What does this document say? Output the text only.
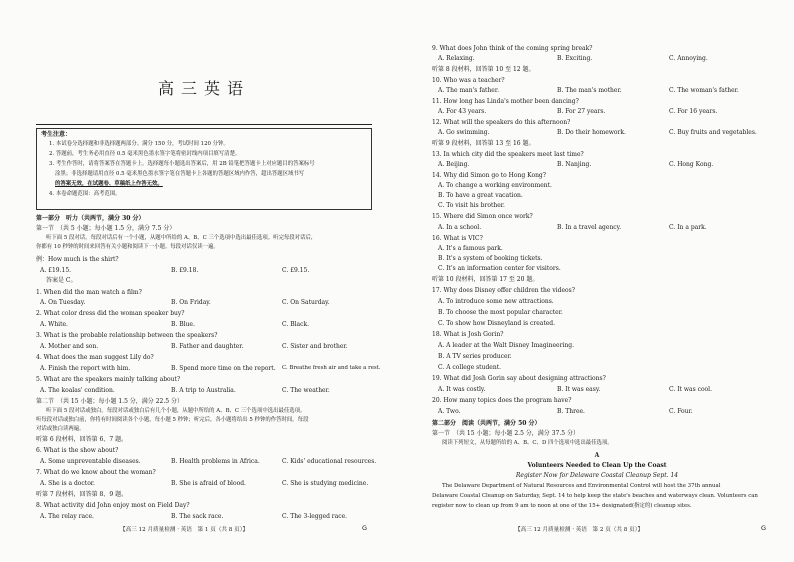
高三英语
考生注意：
1. 本试卷分选择题和非选择题两部分。满分 150 分，考试时间 120 分钟。
2. 答题前，考生务必用直径 0.5 毫米黑色墨水签字笔将密封线内项目填写清楚。
3. 考生作答时，请将答案答在答题卡上。选择题每小题选出答案后，用 2B 铅笔把答题卡上对应题目的答案标号
涂黑；非选择题请用直径 0.5 毫米黑色墨水签字笔在答题卡上各题的答题区域内作答，超出答题区域书写
的答案无效，在试题卷、草稿纸上作答无效。
4. 本卷命题范围：高考范围。
第一部分　听力（共两节，满分 30 分）
第一节　（共 5 小题；每小题 1.5 分，满分 7.5 分）
听下面 5 段对话。每段对话后有一个小题，从题中所给的 A、B、C 三个选项中选出最佳选项。听完每段对话后，
你都有 10 秒钟的时间来回答有关小题和阅读下一小题。每段对话仅读一遍。
例：How much is the shirt?
A. £19.15.	B. £9.18.	C. £9.15.
答案是 C。
1. When did the man watch a film?
A. On Tuesday.	B. On Friday.	C. On Saturday.
2. What color dress did the woman speaker buy?
A. White.	B. Blue.	C. Black.
3. What is the probable relationship between the speakers?
A. Mother and son.	B. Father and daughter.	C. Sister and brother.
4. What does the man suggest Lily do?
A. Finish the report with him.	B. Spend more time on the report. C. Breathe fresh air and take a rest.
5. What are the speakers mainly talking about?
A. The koalas' condition.	B. A trip to Australia.	C. The weather.
第二节　（共 15 小题；每小题 1.5 分，满分 22.5 分）
听下面 5 段对话或独白。每段对话或独白后有几个小题，从题中所给的 A、B、C 三个选项中选出最佳选项。
听每段对话或独白前，你将有时间阅读各个小题，每小题 5 秒钟；听完后，各小题将给出 5 秒钟的作答时间。每段
对话或独白读两遍。
听第 6 段材料，回答第 6、7 题。
6. What is the show about?
A. Some unpreventable diseases.	B. Health problems in Africa.	C. Kids' educational resources.
7. What do we know about the woman?
A. She is a doctor.	B. She is afraid of blood.	C. She is studying medicine.
听第 7 段材料，回答第 8、9 题。
8. What activity did John enjoy most on Field Day?
A. The relay race.	B. The sack race.	C. The 3-legged race.
【高三 12 月质量检测 · 英语　第 1 页（共 8 页）】	G
9. What does John think of the coming spring break?
A. Relaxing.	B. Exciting.	C. Annoying.
听第 8 段材料，回答第 10 至 12 题。
10. Who was a teacher?
A. The man's father.	B. The man's mother.	C. The woman's father.
11. How long has Linda's mother been dancing?
A. For 43 years.	B. For 27 years.	C. For 16 years.
12. What will the speakers do this afternoon?
A. Go swimming.	B. Do their homework.	C. Buy fruits and vegetables.
听第 9 段材料，回答第 13 至 16 题。
13. In which city did the speakers meet last time?
A. Beijing.	B. Nanjing.	C. Hong Kong.
14. Why did Simon go to Hong Kong?
A. To change a working environment.
B. To have a great vacation.
C. To visit his brother.
15. Where did Simon once work?
A. In a school.	B. In a travel agency.	C. In a park.
16. What is VIC?
A. It's a famous park.
B. It's a system of booking tickets.
C. It's an information center for visitors.
听第 10 段材料，回答第 17 至 20 题。
17. Why does Disney offer children the videos?
A. To introduce some new attractions.
B. To choose the most popular character.
C. To show how Disneyland is created.
18. What is Josh Gorin?
A. A leader at the Walt Disney Imagineering.
B. A TV series producer.
C. A college student.
19. What did Josh Gorin say about designing attractions?
A. It was costly.	B. It was easy.	C. It was cool.
20. How many topics does the program have?
A. Two.	B. Three.	C. Four.
第二部分　阅读（共两节，满分 50 分）
第一节　（共 15 小题；每小题 2.5 分，满分 37.5 分）
阅读下列短文，从每题所给的 A、B、C、D 四个选项中选出最佳选项。
A
Volunteers Needed to Clean Up the Coast
Register Now for Delaware Coastal Cleanup Sept. 14
The Delaware Department of Natural Resources and Environmental Control will host the 37th annual
Delaware Coastal Cleanup on Saturday, Sept. 14 to help keep the state's beaches and waterways clean. Volunteers can
register now to clean up from 9 am to noon at one of the 15+ designated(指定的) cleanup sites.
【高三 12 月质量检测 · 英语　第 2 页（共 8 页）】	G
